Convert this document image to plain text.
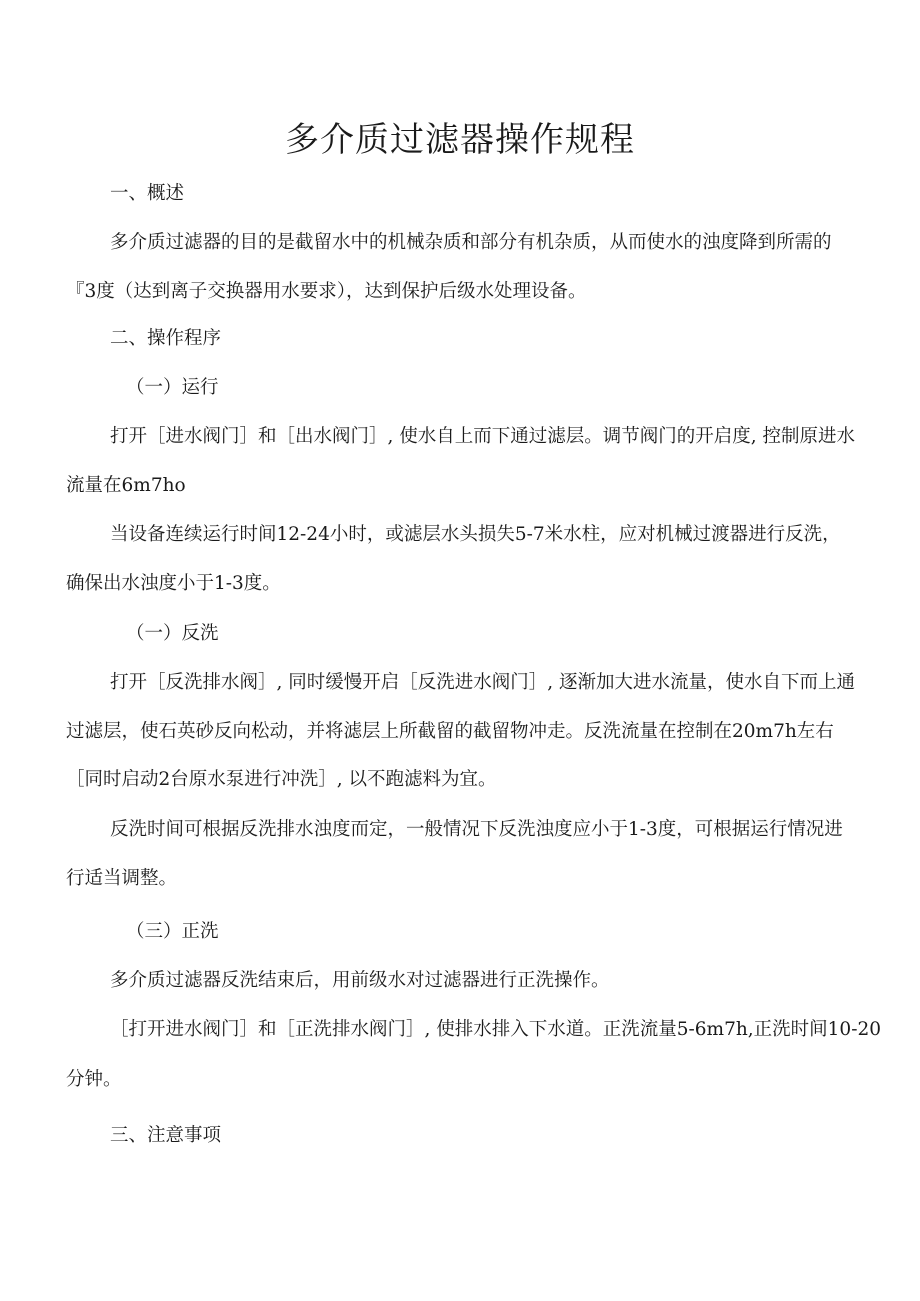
多介质过滤器操作规程

一、概述

多介质过滤器的目的是截留水中的机械杂质和部分有机杂质，从而使水的浊度降到所需的

『3度（达到离子交换器用水要求），达到保护后级水处理设备。

二、操作程序

（一）运行

打开［进水阀门］和［出水阀门］, 使水自上而下通过滤层。调节阀门的开启度, 控制原进水

流量在6m7ho

当设备连续运行时间12-24小时，或滤层水头损失5-7米水柱，应对机械过渡器进行反洗，

确保出水浊度小于1-3度。

（一）反洗

打开［反洗排水阀］, 同时缓慢开启［反洗进水阀门］, 逐渐加大进水流量，使水自下而上通

过滤层，使石英砂反向松动，并将滤层上所截留的截留物冲走。反洗流量在控制在20m7h左右

［同时启动2台原水泵进行冲洗］, 以不跑滤料为宜。

反洗时间可根据反洗排水浊度而定，一般情况下反洗浊度应小于1-3度，可根据运行情况进

行适当调整。

（三）正洗

多介质过滤器反洗结束后，用前级水对过滤器进行正洗操作。

［打开进水阀门］和［正洗排水阀门］, 使排水排入下水道。正洗流量5-6m7h,正洗时间10-20

分钟。

三、注意事项
